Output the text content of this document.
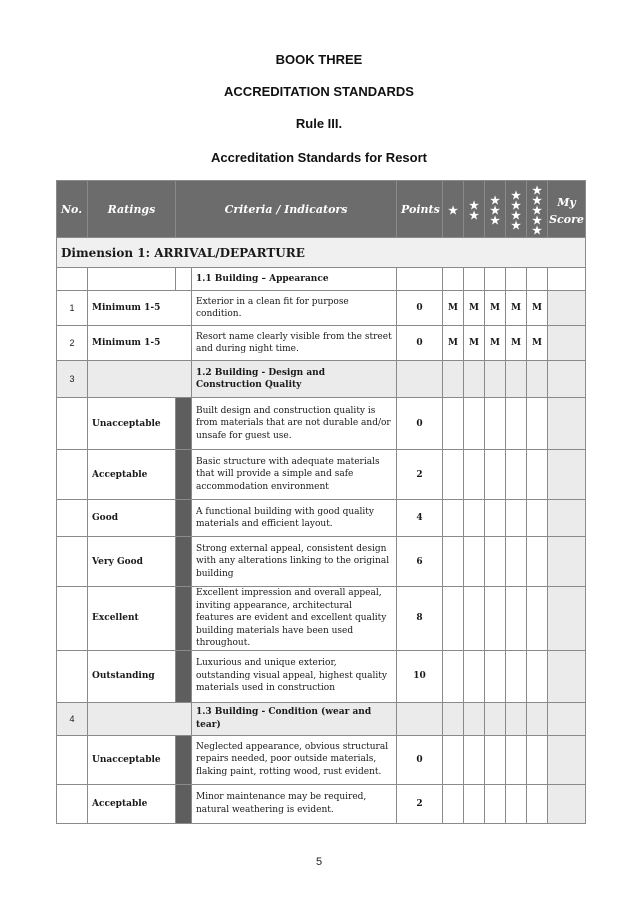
BOOK THREE
ACCREDITATION STANDARDS
Rule III.
Accreditation Standards for Resort
No.	Ratings	Criteria / Indicators		Points	★	★ ★	★ ★ ★	★ ★ ★ ★	★ ★ ★ ★ ★	My Score
Dimension 1: ARRIVAL/DEPARTURE										
			1.1 Building – Appearance							
1	Minimum 1-5		Exterior in a clean fit for purpose condition.	0	M	M	M	M	M	
2	Minimum 1-5		Resort name clearly visible from the street and during night time.	0	M	M	M	M	M	
3			1.2 Building - Design and Construction Quality							
	Unacceptable		Built design and construction quality is from materials that are not durable and/or unsafe for guest use.	0						
	Acceptable		Basic structure with adequate materials that will provide a simple and safe accommodation environment	2						
	Good		A functional building with good quality materials and efficient layout.	4						
	Very Good		Strong external appeal, consistent design with any alterations linking to the original building	6						
	Excellent		Excellent impression and overall appeal, inviting appearance, architectural features are evident and excellent quality building materials have been used throughout.	8						
	Outstanding		Luxurious and unique exterior, outstanding visual appeal, highest quality materials used in construction	10						
4			1.3 Building - Condition (wear and tear)							
	Unacceptable		Neglected appearance, obvious structural repairs needed, poor outside materials, flaking paint, rotting wood, rust evident.	0						
	Acceptable		Minor maintenance may be required, natural weathering is evident.	2						
5
